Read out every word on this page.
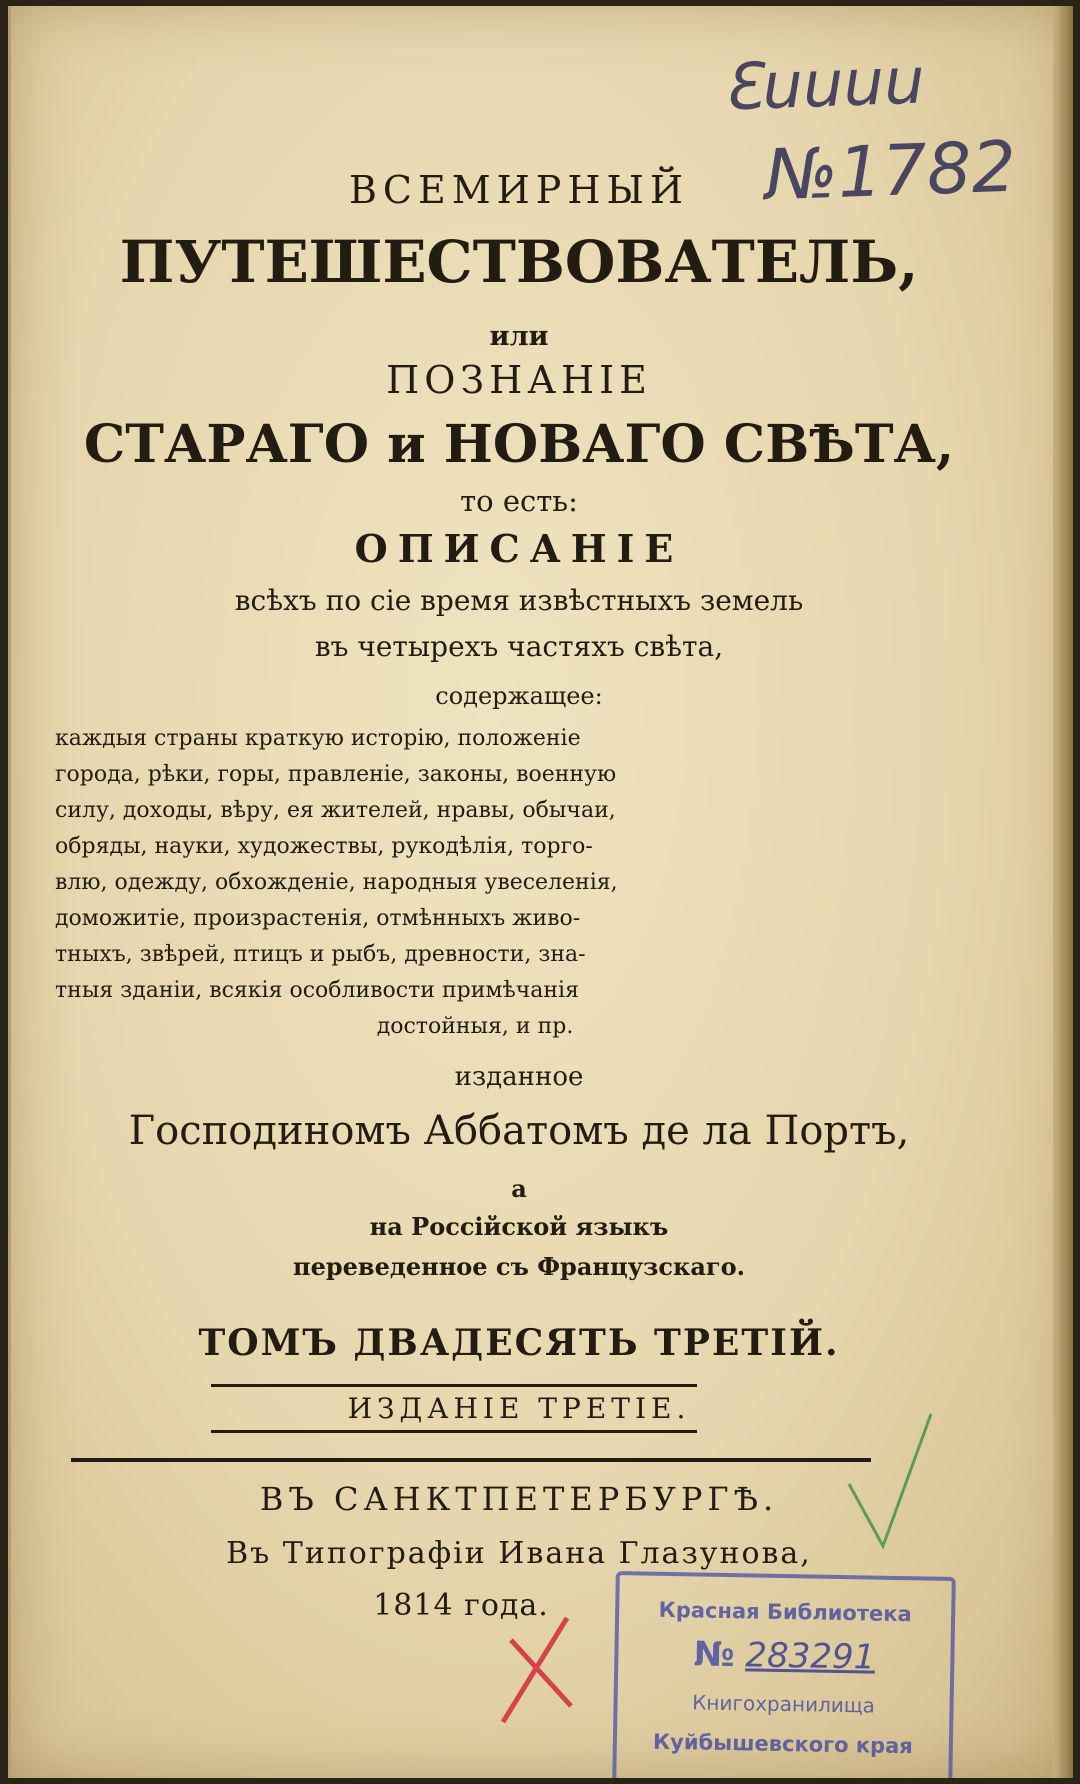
Ɛuuuu
№1782
ВСЕМИРНЫЙ
ПУТЕШЕСТВОВАТЕЛЬ,
или
ПОЗНАНІЕ
СТАРАГО и НОВАГО СВѢТА,
то есть:
ОПИСАНІЕ
всѣхъ по сіе время извѣстныхъ земель
въ четырехъ частяхъ свѣта,
содержащее:
каждыя страны краткую исторію, положеніе
города, рѣки, горы, правленіе, законы, военную
силу, доходы, вѣру, ея жителей, нравы, обычаи,
обряды, науки, художествы, рукодѣлія, торго-
влю, одежду, обхожденіе, народныя увеселенія,
доможитіе, произрастенія, отмѣнныхъ живо-
тныхъ, звѣрей, птицъ и рыбъ, древности, зна-
тныя зданіи, всякія особливости примѣчанія
достойныя, и пр.
изданное
Господиномъ Аббатомъ де ла Портъ,
а
на Россійской языкъ
переведенное съ Французскаго.
ТОМЪ ДВАДЕСЯТЬ ТРЕТІЙ.
ИЗДАНІЕ ТРЕТІЕ.
ВЪ САНКТПЕТЕРБУРГѢ.
Въ Типографіи Ивана Глазунова,
1814 года.	Красная Библиотека
№ 283291
Книгохранилища
Куйбышевского края
